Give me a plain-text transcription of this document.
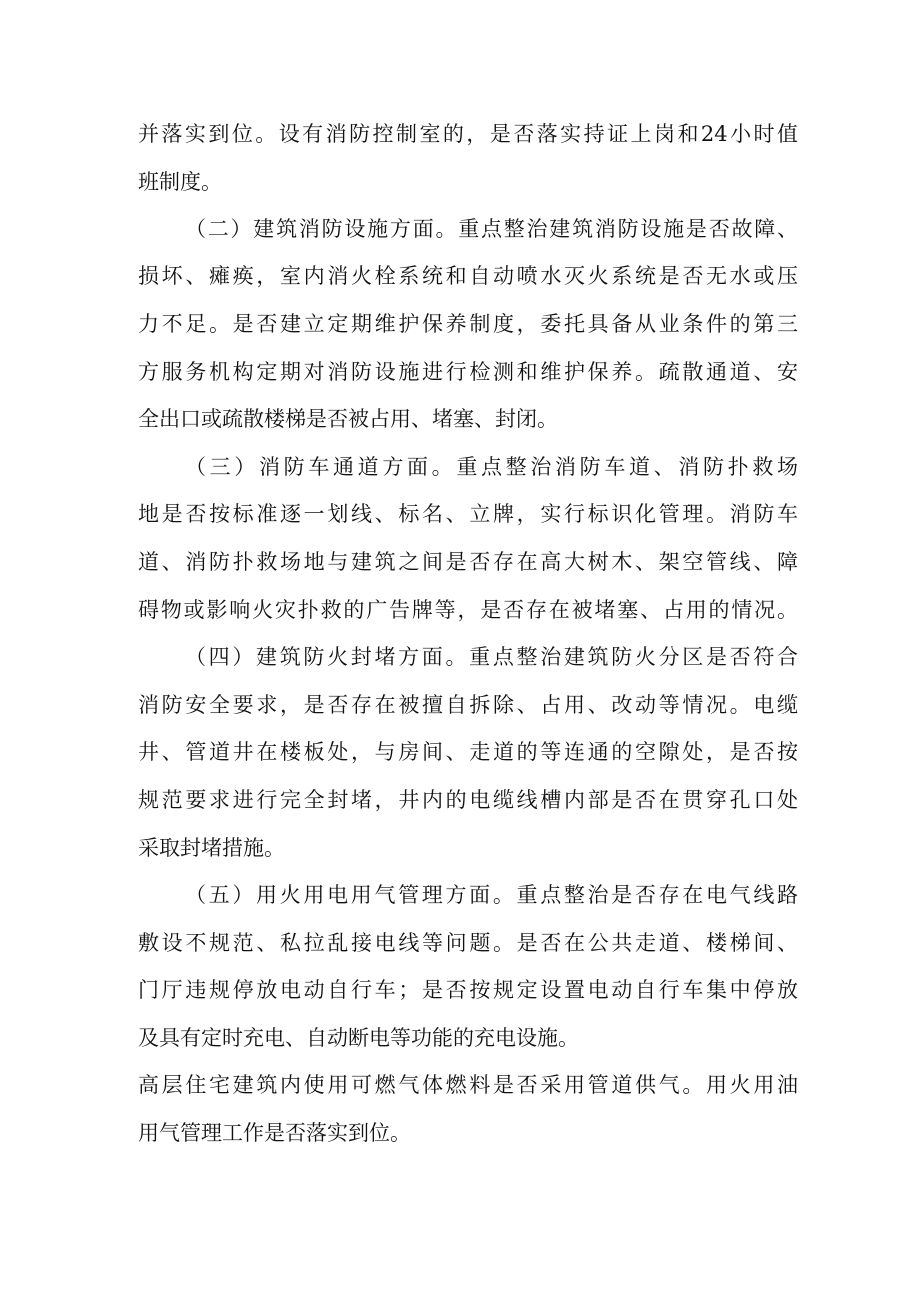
并落实到位。设有消防控制室的，是否落实持证上岗和24小时值
班制度。
（二）建筑消防设施方面。重点整治建筑消防设施是否故障、
损坏、瘫痪，室内消火栓系统和自动喷水灭火系统是否无水或压
力不足。是否建立定期维护保养制度，委托具备从业条件的第三
方服务机构定期对消防设施进行检测和维护保养。疏散通道、安
全出口或疏散楼梯是否被占用、堵塞、封闭。
（三）消防车通道方面。重点整治消防车道、消防扑救场
地是否按标准逐一划线、标名、立牌，实行标识化管理。消防车
道、消防扑救场地与建筑之间是否存在高大树木、架空管线、障
碍物或影响火灾扑救的广告牌等，是否存在被堵塞、占用的情况。
（四）建筑防火封堵方面。重点整治建筑防火分区是否符合
消防安全要求，是否存在被擅自拆除、占用、改动等情况。电缆
井、管道井在楼板处，与房间、走道的等连通的空隙处，是否按
规范要求进行完全封堵，井内的电缆线槽内部是否在贯穿孔口处
采取封堵措施。
（五）用火用电用气管理方面。重点整治是否存在电气线路
敷设不规范、私拉乱接电线等问题。是否在公共走道、楼梯间、
门厅违规停放电动自行车；是否按规定设置电动自行车集中停放
及具有定时充电、自动断电等功能的充电设施。
高层住宅建筑内使用可燃气体燃料是否采用管道供气。用火用油
用气管理工作是否落实到位。
